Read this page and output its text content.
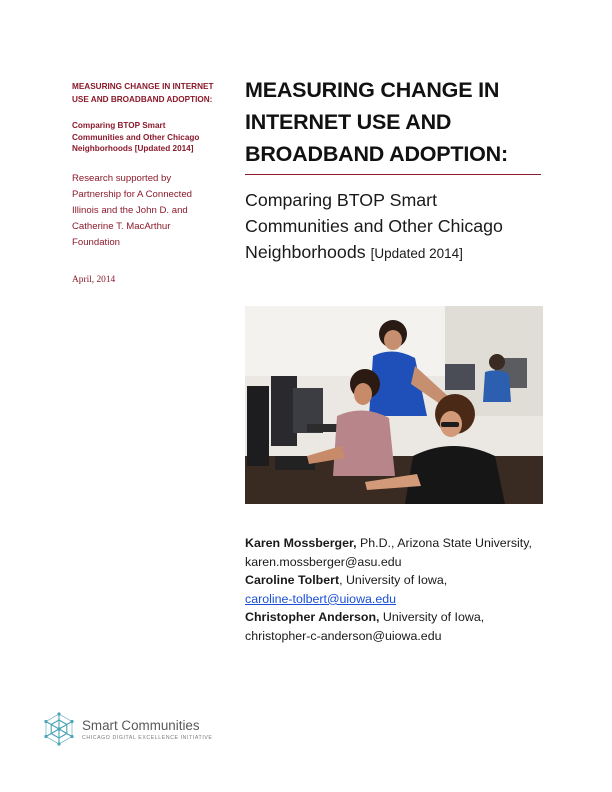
MEASURING CHANGE IN INTERNET
USE AND BROADBAND ADOPTION:
Comparing BTOP Smart
Communities and Other Chicago
Neighborhoods [Updated 2014]
Research supported by
Partnership for A Connected
Illinois and the John D. and
Catherine T. MacArthur
Foundation
April, 2014
MEASURING CHANGE IN
INTERNET USE AND
BROADBAND ADOPTION:
Comparing BTOP Smart
Communities and Other Chicago
Neighborhoods [Updated 2014]
Karen Mossberger, Ph.D., Arizona State University,
karen.mossberger@asu.edu
Caroline Tolbert, University of Iowa,
caroline-tolbert@uiowa.edu
Christopher Anderson, University of Iowa,
christopher-c-anderson@uiowa.edu
Smart Communities
CHICAGO DIGITAL EXCELLENCE INITIATIVE
